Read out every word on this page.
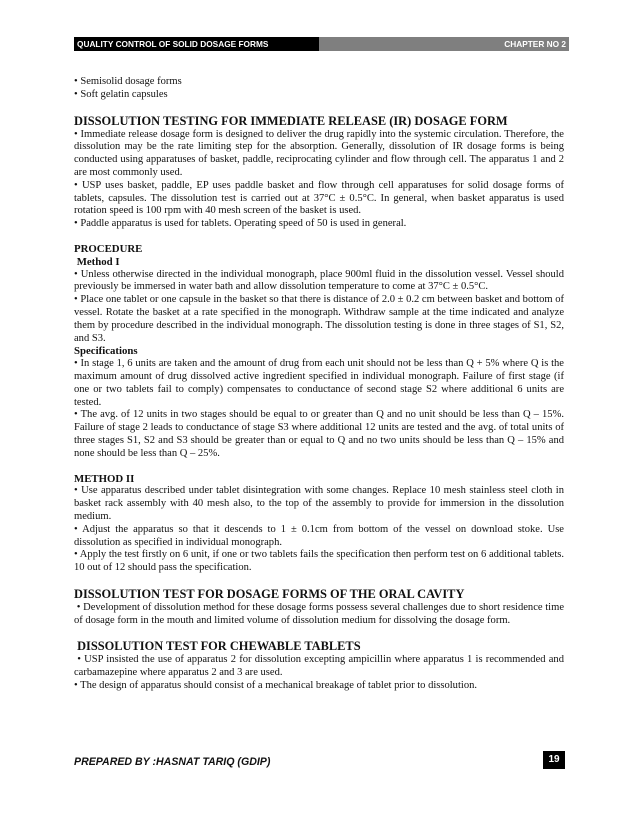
QUALITY CONTROL OF SOLID DOSAGE FORMS	CHAPTER NO 2

• Semisolid dosage forms

• Soft gelatin capsules

DISSOLUTION TESTING FOR IMMEDIATE RELEASE (IR) DOSAGE FORM

• Immediate release dosage form is designed to deliver the drug rapidly into the systemic circulation. Therefore, the dissolution may be the rate limiting step for the absorption. Generally, dissolution of IR dosage forms is being conducted using apparatuses of basket, paddle, reciprocating cylinder and flow through cell. The apparatus 1 and 2 are most commonly used.

• USP uses basket, paddle, EP uses paddle basket and flow through cell apparatuses for solid dosage forms of tablets, capsules. The dissolution test is carried out at 37°C ± 0.5°C. In general, when basket apparatus is used rotation speed is 100 rpm with 40 mesh screen of the basket is used.

• Paddle apparatus is used for tablets. Operating speed of 50 is used in general.

PROCEDURE
Method I

• Unless otherwise directed in the individual monograph, place 900ml fluid in the dissolution vessel. Vessel should previously be immersed in water bath and allow dissolution temperature to come at 37°C ± 0.5°C.

• Place one tablet or one capsule in the basket so that there is distance of 2.0 ± 0.2 cm between basket and bottom of vessel. Rotate the basket at a rate specified in the monograph. Withdraw sample at the time indicated and analyze them by procedure described in the individual monograph. The dissolution testing is done in three stages of S1, S2, and S3.

Specifications

• In stage 1, 6 units are taken and the amount of drug from each unit should not be less than Q + 5% where Q is the maximum amount of drug dissolved active ingredient specified in individual monograph. Failure of first stage (if one or two tablets fail to comply) compensates to conductance of second stage S2 where additional 6 units are tested.

• The avg. of 12 units in two stages should be equal to or greater than Q and no unit should be less than Q – 15%. Failure of stage 2 leads to conductance of stage S3 where additional 12 units are tested and the avg. of total units of three stages S1, S2 and S3 should be greater than or equal to Q and no two units should be less than Q – 15% and none should be less than Q – 25%.

METHOD II

• Use apparatus described under tablet disintegration with some changes. Replace 10 mesh stainless steel cloth in basket rack assembly with 40 mesh also, to the top of the assembly to provide for immersion in the dissolution medium.

• Adjust the apparatus so that it descends to 1 ± 0.1cm from bottom of the vessel on download stoke. Use dissolution as specified in individual monograph.

• Apply the test firstly on 6 unit, if one or two tablets fails the specification then perform test on 6 additional tablets. 10 out of 12 should pass the specification.

DISSOLUTION TEST FOR DOSAGE FORMS OF THE ORAL CAVITY

• Development of dissolution method for these dosage forms possess several challenges due to short residence time of dosage form in the mouth and limited volume of dissolution medium for dissolving the dosage form.

DISSOLUTION TEST FOR CHEWABLE TABLETS

• USP insisted the use of apparatus 2 for dissolution excepting ampicillin where apparatus 1 is recommended and carbamazepine where apparatus 2 and 3 are used.

• The design of apparatus should consist of a mechanical breakage of tablet prior to dissolution.

PREPARED BY :HASNAT TARIQ (GDIP)	19
